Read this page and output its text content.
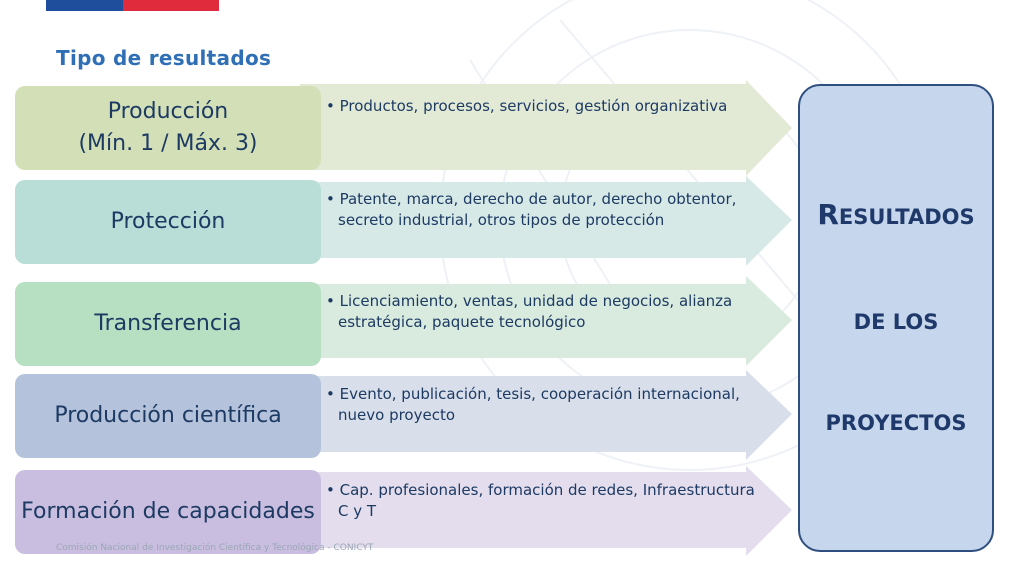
Tipo de resultados
Producción
(Mín. 1 / Máx. 3)
• Productos, procesos, servicios, gestión organizativa
Protección
• Patente, marca, derecho de autor, derecho obtentor, secreto industrial, otros tipos de protección
Transferencia
• Licenciamiento, ventas, unidad de negocios, alianza estratégica, paquete tecnológico
Producción científica
• Evento, publicación, tesis, cooperación internacional, nuevo proyecto
Formación de capacidades
• Cap. profesionales, formación de redes, Infraestructura C y T
RESULTADOS
DE LOS
PROYECTOS
Comisión Nacional de Investigación Científica y Tecnológica - CONICYT
